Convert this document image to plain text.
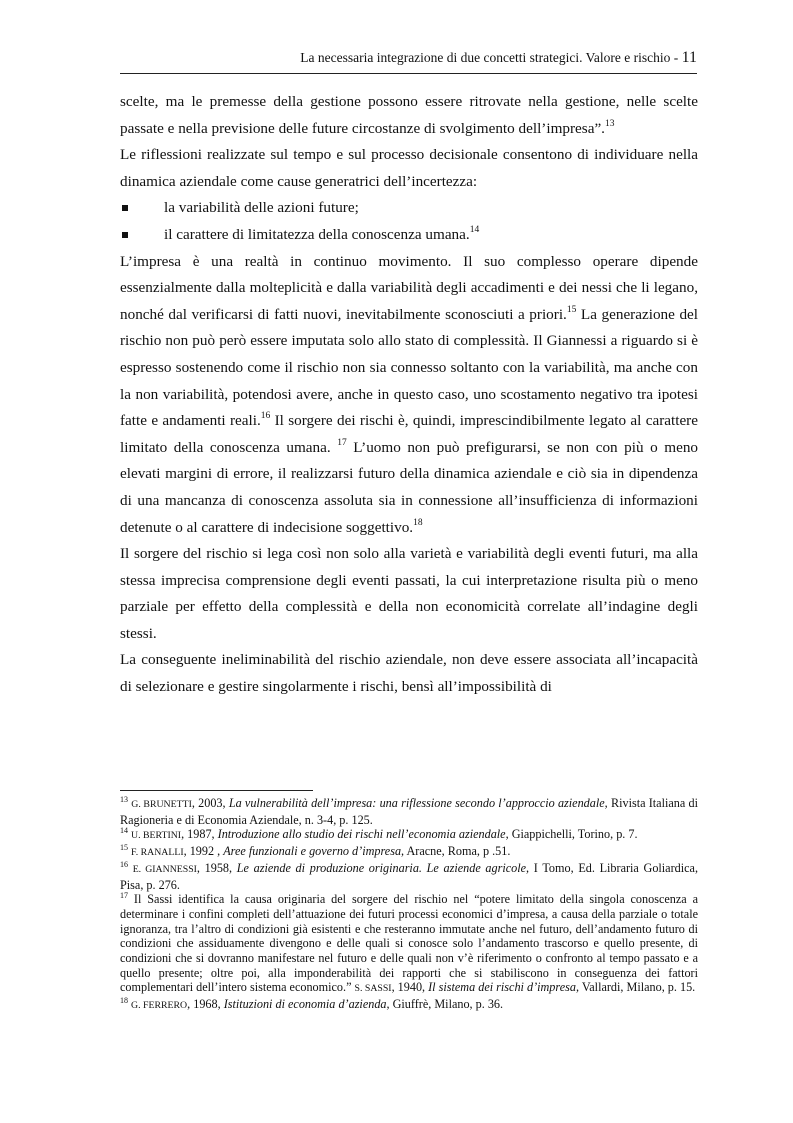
La necessaria integrazione di due concetti strategici. Valore e rischio - 11

scelte, ma le premesse della gestione possono essere ritrovate nella gestione, nelle scelte passate e nella previsione delle future circostanze di svolgimento dell’impresa”.$^{13}$

Le riflessioni realizzate sul tempo e sul processo decisionale consentono di individuare nella dinamica aziendale come cause generatrici dell’incertezza:

la variabilità delle azioni future;
il carattere di limitatezza della conoscenza umana.$^{14}$

L’impresa è una realtà in continuo movimento. Il suo complesso operare dipende essenzialmente dalla molteplicità e dalla variabilità degli accadimenti e dei nessi che li legano, nonché dal verificarsi di fatti nuovi, inevitabilmente sconosciuti a priori.$^{15}$ La generazione del rischio non può però essere imputata solo allo stato di complessità. Il Giannessi a riguardo si è espresso sostenendo come il rischio non sia connesso soltanto con la variabilità, ma anche con la non variabilità, potendosi avere, anche in questo caso, uno scostamento negativo tra ipotesi fatte e andamenti reali.$^{16}$ Il sorgere dei rischi è, quindi, imprescindibilmente legato al carattere limitato della conoscenza umana. $^{17}$ L’uomo non può prefigurarsi, se non con più o meno elevati margini di errore, il realizzarsi futuro della dinamica aziendale e ciò sia in dipendenza di una mancanza di conoscenza assoluta sia in connessione all’insufficienza di informazioni detenute o al carattere di indecisione soggettivo.$^{18}$

Il sorgere del rischio si lega così non solo alla varietà e variabilità degli eventi futuri, ma alla stessa imprecisa comprensione degli eventi passati, la cui interpretazione risulta più o meno parziale per effetto della complessità e della non economicità correlate all’indagine degli stessi.

La conseguente ineliminabilità del rischio aziendale, non deve essere associata all’incapacità di selezionare e gestire singolarmente i rischi, bensì all’impossibilità di

$^{13}$ G. BRUNETTI, 2003, La vulnerabilità dell’impresa: una riflessione secondo l’approccio aziendale, Rivista Italiana di Ragioneria e di Economia Aziendale, n. 3-4, p. 125.

$^{14}$ U. BERTINI, 1987, Introduzione allo studio dei rischi nell’economia aziendale, Giappichelli, Torino, p. 7.

$^{15}$ F. RANALLI, 1992 , Aree funzionali e governo d’impresa, Aracne, Roma, p .51.

$^{16}$ E. GIANNESSI, 1958, Le aziende di produzione originaria. Le aziende agricole, I Tomo, Ed. Libraria Goliardica, Pisa, p. 276.

$^{17}$ Il Sassi identifica la causa originaria del sorgere del rischio nel “potere limitato della singola conoscenza a determinare i confini completi dell’attuazione dei futuri processi economici d’impresa, a causa della parziale o totale ignoranza, tra l’altro di condizioni già esistenti e che resteranno immutate anche nel futuro, dell’andamento futuro di condizioni che assiduamente divengono e delle quali si conosce solo l’andamento trascorso e quello presente, di condizioni che si dovranno manifestare nel futuro e delle quali non v’è riferimento o confronto al tempo passato e a quello presente; oltre poi, alla imponderabilità dei rapporti che si stabiliscono in conseguenza dei fattori complementari dell’intero sistema economico.” S. SASSI, 1940, Il sistema dei rischi d’impresa, Vallardi, Milano, p. 15.

$^{18}$ G. FERRERO, 1968, Istituzioni di economia d’azienda, Giuffrè, Milano, p. 36.
